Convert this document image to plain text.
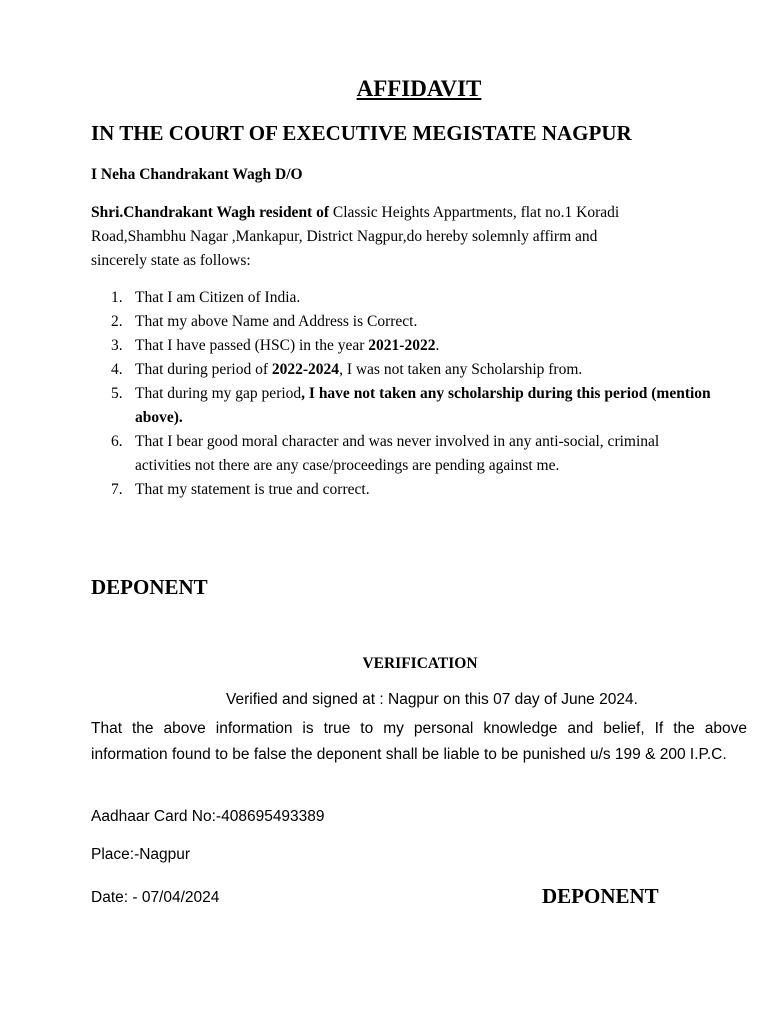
AFFIDAVIT
IN THE COURT OF EXECUTIVE MEGISTATE NAGPUR
I Neha Chandrakant Wagh D/O
Shri.Chandrakant Wagh resident of Classic Heights Appartments, flat no.1 Koradi Road,Shambhu Nagar ,Mankapur, District Nagpur,do hereby solemnly affirm and sincerely state as follows:
1. That I am Citizen of India.
2. That my above Name and Address is Correct.
3. That I have passed (HSC) in the year 2021-2022.
4. That during period of 2022-2024, I was not taken any Scholarship from.
5. That during my gap period, I have not taken any scholarship during this period (mention above).
6. That I bear good moral character and was never involved in any anti-social, criminal activities not there are any case/proceedings are pending against me.
7. That my statement is true and correct.
DEPONENT
VERIFICATION
Verified and signed at : Nagpur on this 07 day of June 2024.
That the above information is true to my personal knowledge and belief, If the above information found to be false the deponent shall be liable to be punished u/s 199 & 200 I.P.C.
Aadhaar Card No:-408695493389
Place:-Nagpur
Date: - 07/04/2024	DEPONENT
